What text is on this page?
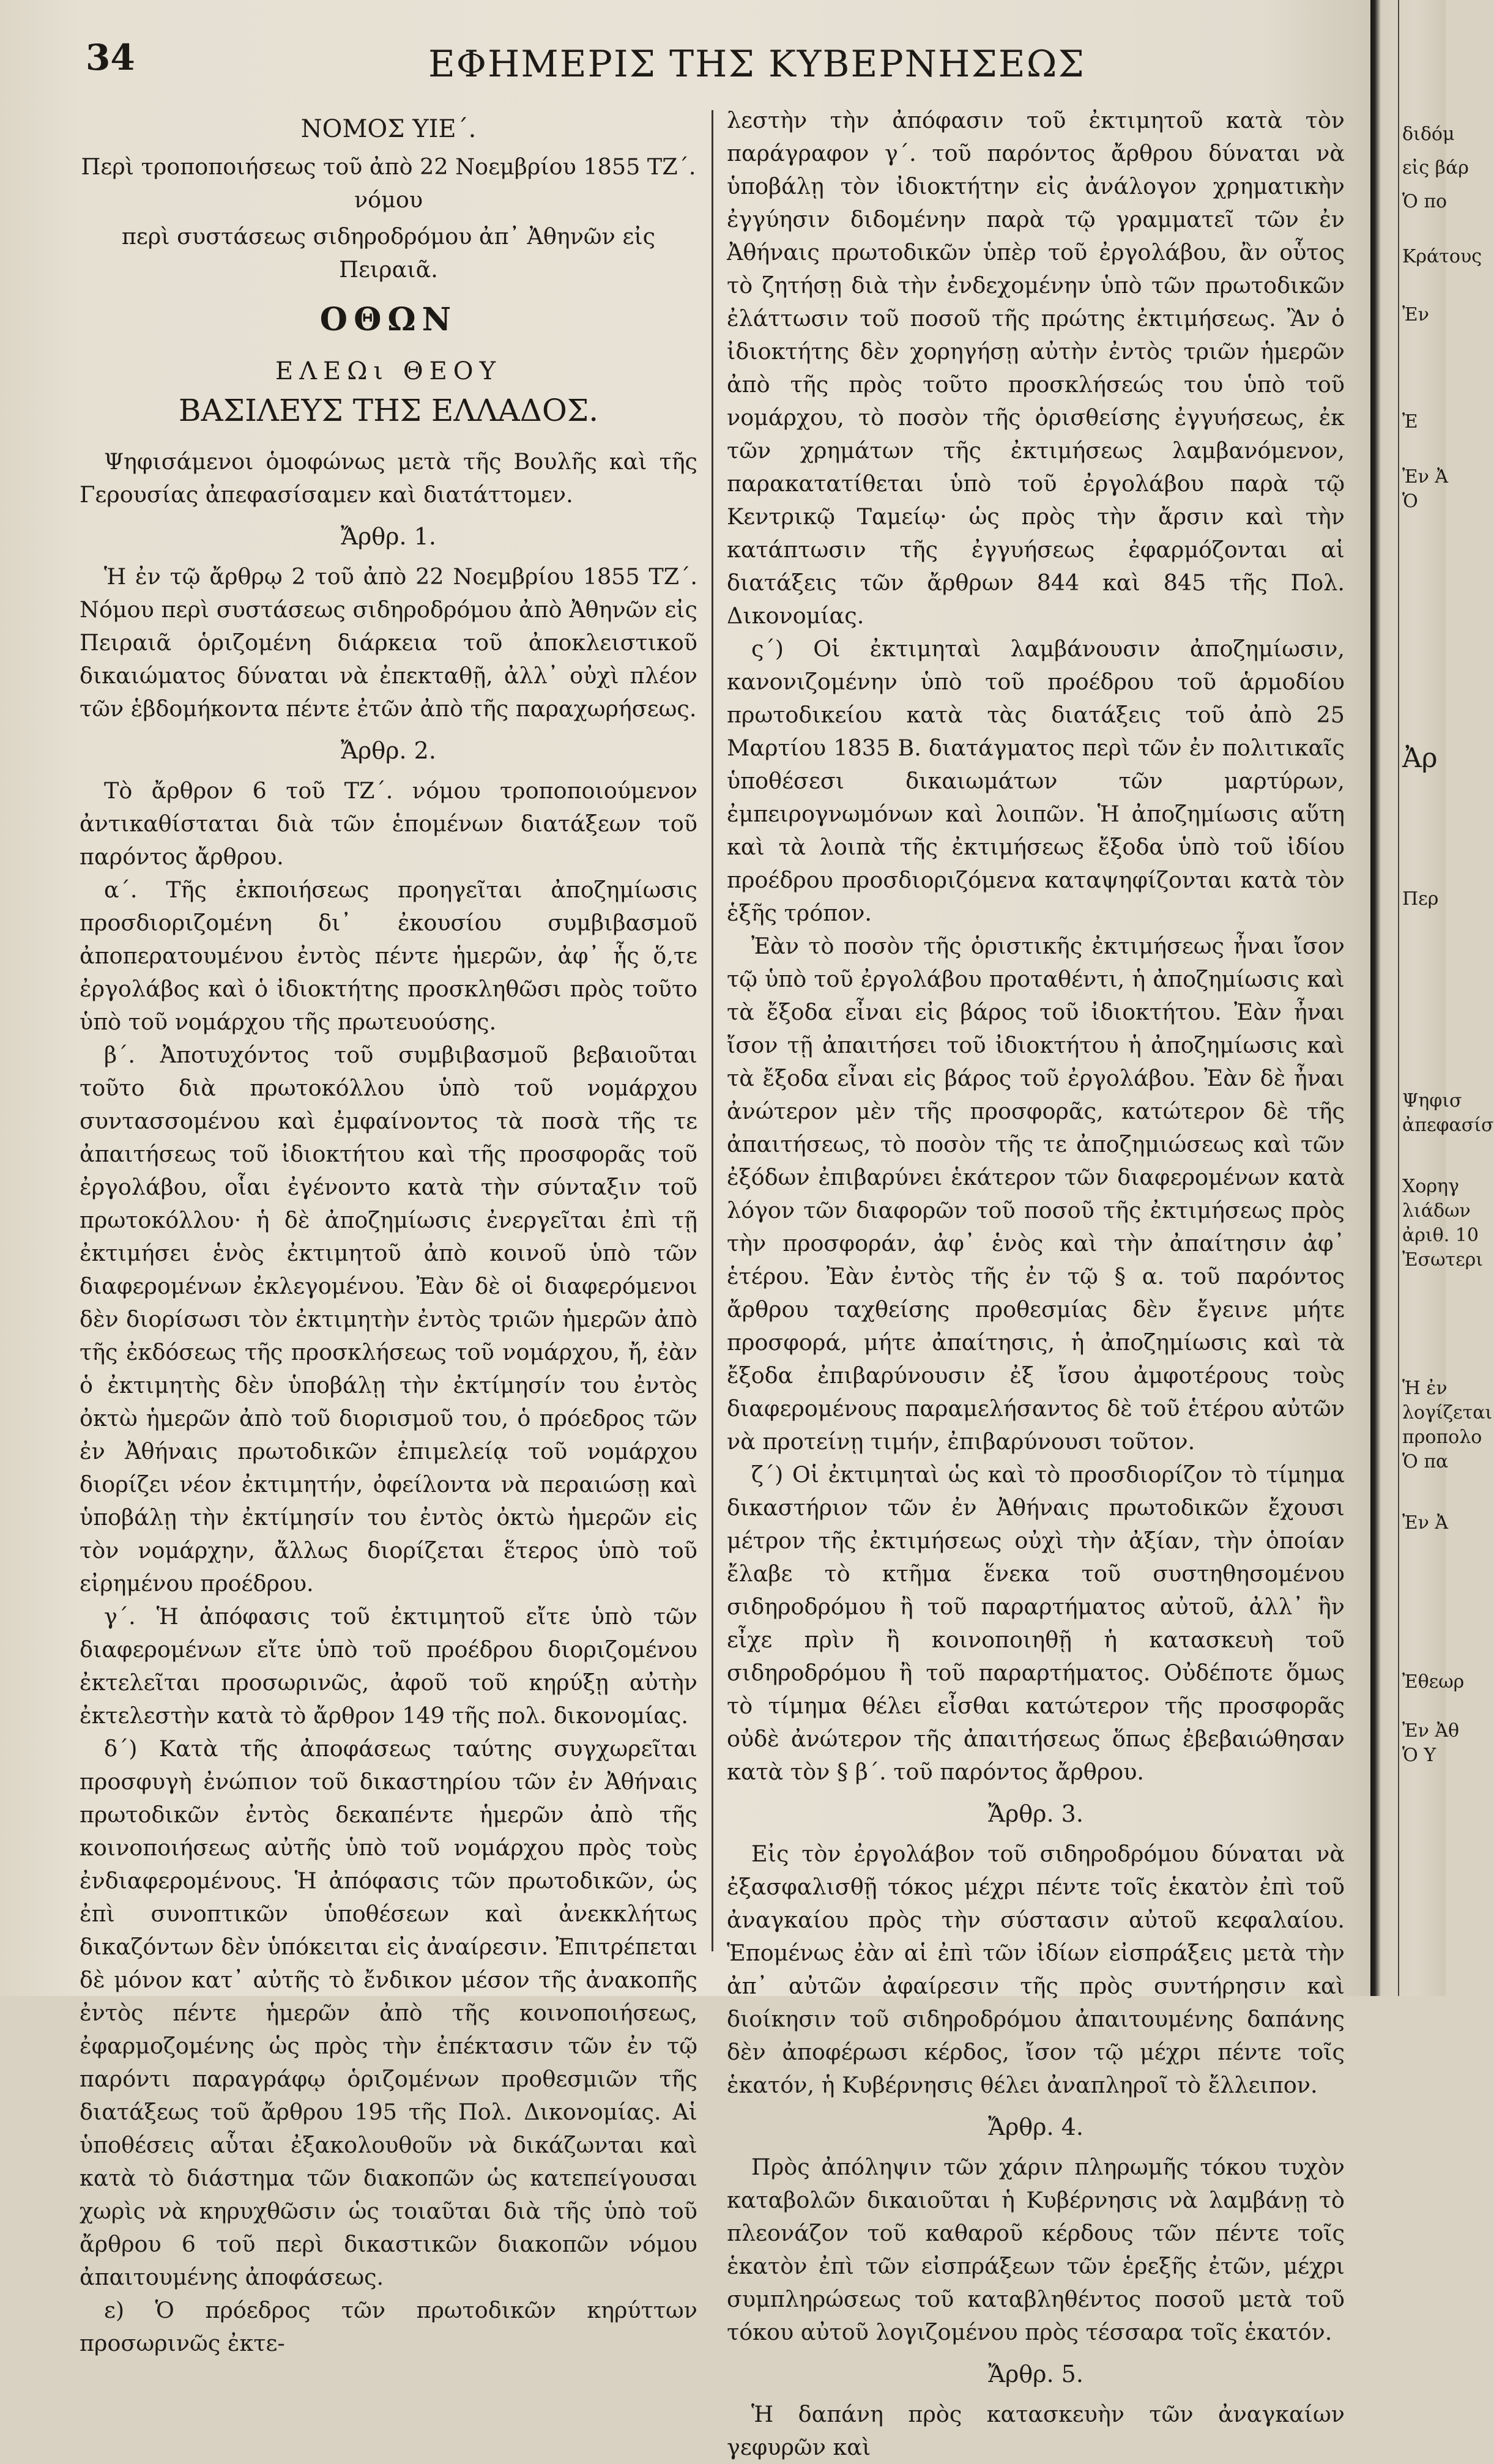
34	ΕΦΗΜΕΡΙΣ ΤΗΣ ΚΥΒΕΡΝΗΣΕΩΣ
ΝΟΜΟΣ ΥΙΕ΄.
Περὶ τροποποιήσεως τοῦ ἀπὸ 22 Νοεμβρίου 1855 ΤΖ΄. νόμου
περὶ συστάσεως σιδηροδρόμου ἀπ᾽ Ἀθηνῶν εἰς Πειραιᾶ.
ΟΘΩΝ
ΕΛΕΩι ΘΕΟΥ
ΒΑΣΙΛΕΥΣ ΤΗΣ ΕΛΛΑΔΟΣ.

Ψηφισάμενοι ὁμοφώνως μετὰ τῆς Βουλῆς καὶ τῆς Γερουσίας ἀπεφασίσαμεν καὶ διατάττομεν.

Ἄρθρ. 1.

Ἡ ἐν τῷ ἄρθρῳ 2 τοῦ ἀπὸ 22 Νοεμβρίου 1855 ΤΖ΄. Νόμου περὶ συστάσεως σιδηροδρόμου ἀπὸ Ἀθηνῶν εἰς Πειραιᾶ ὁριζομένη διάρκεια τοῦ ἀποκλειστικοῦ δικαιώματος δύναται νὰ ἐπεκταθῇ, ἀλλ᾽ οὐχὶ πλέον τῶν ἑβδομήκοντα πέντε ἐτῶν ἀπὸ τῆς παραχωρήσεως.

Ἄρθρ. 2.

Τὸ ἄρθρον 6 τοῦ ΤΖ΄. νόμου τροποποιούμενον ἀντικαθίσταται διὰ τῶν ἑπομένων διατάξεων τοῦ παρόντος ἄρθρου.

α΄. Τῆς ἐκποιήσεως προηγεῖται ἀποζημίωσις προσδιοριζομένη δι᾽ ἐκουσίου συμβιβασμοῦ ἀποπερατουμένου ἐντὸς πέντε ἡμερῶν, ἀφ᾽ ἧς ὅ,τε ἐργολάβος καὶ ὁ ἰδιοκτήτης προσκληθῶσι πρὸς τοῦτο ὑπὸ τοῦ νομάρχου τῆς πρωτευούσης.

β΄. Ἀποτυχόντος τοῦ συμβιβασμοῦ βεβαιοῦται τοῦτο διὰ πρωτοκόλλου ὑπὸ τοῦ νομάρχου συντασσομένου καὶ ἐμφαίνοντος τὰ ποσὰ τῆς τε ἀπαιτήσεως τοῦ ἰδιοκτήτου καὶ τῆς προσφορᾶς τοῦ ἐργολάβου, οἷαι ἐγένοντο κατὰ τὴν σύνταξιν τοῦ πρωτοκόλλου· ἡ δὲ ἀποζημίωσις ἐνεργεῖται ἐπὶ τῇ ἐκτιμήσει ἑνὸς ἐκτιμητοῦ ἀπὸ κοινοῦ ὑπὸ τῶν διαφερομένων ἐκλεγομένου. Ἐὰν δὲ οἱ διαφερόμενοι δὲν διορίσωσι τὸν ἐκτιμητὴν ἐντὸς τριῶν ἡμερῶν ἀπὸ τῆς ἐκδόσεως τῆς προσκλήσεως τοῦ νομάρχου, ἤ, ἐὰν ὁ ἐκτιμητὴς δὲν ὑποβάλῃ τὴν ἐκτίμησίν του ἐντὸς ὀκτὼ ἡμερῶν ἀπὸ τοῦ διορισμοῦ του, ὁ πρόεδρος τῶν ἐν Ἀθήναις πρωτοδικῶν ἐπιμελείᾳ τοῦ νομάρχου διορίζει νέον ἐκτιμητήν, ὀφείλοντα νὰ περαιώσῃ καὶ ὑποβάλῃ τὴν ἐκτίμησίν του ἐντὸς ὀκτὼ ἡμερῶν εἰς τὸν νομάρχην, ἄλλως διορίζεται ἕτερος ὑπὸ τοῦ εἰρημένου προέδρου.

γ΄. Ἡ ἀπόφασις τοῦ ἐκτιμητοῦ εἴτε ὑπὸ τῶν διαφερομένων εἴτε ὑπὸ τοῦ προέδρου διοριζομένου ἐκτελεῖται προσωρινῶς, ἀφοῦ τοῦ κηρύξῃ αὐτὴν ἐκτελεστὴν κατὰ τὸ ἄρθρον 149 τῆς πολ. δικονομίας.

δ΄) Κατὰ τῆς ἀποφάσεως ταύτης συγχωρεῖται προσφυγὴ ἐνώπιον τοῦ δικαστηρίου τῶν ἐν Ἀθήναις πρωτοδικῶν ἐντὸς δεκαπέντε ἡμερῶν ἀπὸ τῆς κοινοποιήσεως αὐτῆς ὑπὸ τοῦ νομάρχου πρὸς τοὺς ἐνδιαφερομένους. Ἡ ἀπόφασις τῶν πρωτοδικῶν, ὡς ἐπὶ συνοπτικῶν ὑποθέσεων καὶ ἀνεκκλήτως δικαζόντων δὲν ὑπόκειται εἰς ἀναίρεσιν. Ἐπιτρέπεται δὲ μόνον κατ᾽ αὐτῆς τὸ ἔνδικον μέσον τῆς ἀνακοπῆς ἐντὸς πέντε ἡμερῶν ἀπὸ τῆς κοινοποιήσεως, ἐφαρμοζομένης ὡς πρὸς τὴν ἐπέκτασιν τῶν ἐν τῷ παρόντι παραγράφῳ ὁριζομένων προθεσμιῶν τῆς διατάξεως τοῦ ἄρθρου 195 τῆς Πολ. Δικονομίας. Αἱ ὑποθέσεις αὗται ἐξακολουθοῦν νὰ δικάζωνται καὶ κατὰ τὸ διάστημα τῶν διακοπῶν ὡς κατεπείγουσαι χωρὶς νὰ κηρυχθῶσιν ὡς τοιαῦται διὰ τῆς ὑπὸ τοῦ ἄρθρου 6 τοῦ περὶ δικαστικῶν διακοπῶν νόμου ἀπαιτουμένης ἀποφάσεως.

ε) Ὁ πρόεδρος τῶν πρωτοδικῶν κηρύττων προσωρινῶς ἐκτε-

λεστὴν τὴν ἀπόφασιν τοῦ ἐκτιμητοῦ κατὰ τὸν παράγραφον γ΄. τοῦ παρόντος ἄρθρου δύναται νὰ ὑποβάλῃ τὸν ἰδιοκτήτην εἰς ἀνάλογον χρηματικὴν ἐγγύησιν διδομένην παρὰ τῷ γραμματεῖ τῶν ἐν Ἀθήναις πρωτοδικῶν ὑπὲρ τοῦ ἐργολάβου, ἂν οὗτος τὸ ζητήσῃ διὰ τὴν ἐνδεχομένην ὑπὸ τῶν πρωτοδικῶν ἐλάττωσιν τοῦ ποσοῦ τῆς πρώτης ἐκτιμήσεως. Ἂν ὁ ἰδιοκτήτης δὲν χορηγήσῃ αὐτὴν ἐντὸς τριῶν ἡμερῶν ἀπὸ τῆς πρὸς τοῦτο προσκλήσεώς του ὑπὸ τοῦ νομάρχου, τὸ ποσὸν τῆς ὁρισθείσης ἐγγυήσεως, ἐκ τῶν χρημάτων τῆς ἐκτιμήσεως λαμβανόμενον, παρακατατίθεται ὑπὸ τοῦ ἐργολάβου παρὰ τῷ Κεντρικῷ Ταμείῳ· ὡς πρὸς τὴν ἄρσιν καὶ τὴν κατάπτωσιν τῆς ἐγγυήσεως ἐφαρμόζονται αἱ διατάξεις τῶν ἄρθρων 844 καὶ 845 τῆς Πολ. Δικονομίας.

ς΄) Οἱ ἐκτιμηταὶ λαμβάνουσιν ἀποζημίωσιν, κανονιζομένην ὑπὸ τοῦ προέδρου τοῦ ἁρμοδίου πρωτοδικείου κατὰ τὰς διατάξεις τοῦ ἀπὸ 25 Μαρτίου 1835 Β. διατάγματος περὶ τῶν ἐν πολιτικαῖς ὑποθέσεσι δικαιωμάτων τῶν μαρτύρων, ἐμπειρογνωμόνων καὶ λοιπῶν. Ἡ ἀποζημίωσις αὕτη καὶ τὰ λοιπὰ τῆς ἐκτιμήσεως ἔξοδα ὑπὸ τοῦ ἰδίου προέδρου προσδιοριζόμενα καταψηφίζονται κατὰ τὸν ἑξῆς τρόπον.

Ἐὰν τὸ ποσὸν τῆς ὁριστικῆς ἐκτιμήσεως ἦναι ἴσον τῷ ὑπὸ τοῦ ἐργολάβου προταθέντι, ἡ ἀποζημίωσις καὶ τὰ ἔξοδα εἶναι εἰς βάρος τοῦ ἰδιοκτήτου. Ἐὰν ἦναι ἴσον τῇ ἀπαιτήσει τοῦ ἰδιοκτήτου ἡ ἀποζημίωσις καὶ τὰ ἔξοδα εἶναι εἰς βάρος τοῦ ἐργολάβου. Ἐὰν δὲ ἦναι ἀνώτερον μὲν τῆς προσφορᾶς, κατώτερον δὲ τῆς ἀπαιτήσεως, τὸ ποσὸν τῆς τε ἀποζημιώσεως καὶ τῶν ἐξόδων ἐπιβαρύνει ἑκάτερον τῶν διαφερομένων κατὰ λόγον τῶν διαφορῶν τοῦ ποσοῦ τῆς ἐκτιμήσεως πρὸς τὴν προσφοράν, ἀφ᾽ ἑνὸς καὶ τὴν ἀπαίτησιν ἀφ᾽ ἑτέρου. Ἐὰν ἐντὸς τῆς ἐν τῷ § α. τοῦ παρόντος ἄρθρου ταχθείσης προθεσμίας δὲν ἔγεινε μήτε προσφορά, μήτε ἀπαίτησις, ἡ ἀποζημίωσις καὶ τὰ ἔξοδα ἐπιβαρύνουσιν ἐξ ἴσου ἀμφοτέρους τοὺς διαφερομένους παραμελήσαντος δὲ τοῦ ἑτέρου αὐτῶν νὰ προτείνῃ τιμήν, ἐπιβαρύνουσι τοῦτον.

ζ΄) Οἱ ἐκτιμηταὶ ὡς καὶ τὸ προσδιορίζον τὸ τίμημα δικαστήριον τῶν ἐν Ἀθήναις πρωτοδικῶν ἔχουσι μέτρον τῆς ἐκτιμήσεως οὐχὶ τὴν ἀξίαν, τὴν ὁποίαν ἔλαβε τὸ κτῆμα ἕνεκα τοῦ συστηθησομένου σιδηροδρόμου ἢ τοῦ παραρτήματος αὐτοῦ, ἀλλ᾽ ἣν εἶχε πρὶν ἢ κοινοποιηθῇ ἡ κατασκευὴ τοῦ σιδηροδρόμου ἢ τοῦ παραρτήματος. Οὐδέποτε ὅμως τὸ τίμημα θέλει εἶσθαι κατώτερον τῆς προσφορᾶς οὐδὲ ἀνώτερον τῆς ἀπαιτήσεως ὅπως ἐβεβαιώθησαν κατὰ τὸν § β΄. τοῦ παρόντος ἄρθρου.

Ἄρθρ. 3.

Εἰς τὸν ἐργολάβον τοῦ σιδηροδρόμου δύναται νὰ ἐξασφαλισθῇ τόκος μέχρι πέντε τοῖς ἑκατὸν ἐπὶ τοῦ ἀναγκαίου πρὸς τὴν σύστασιν αὐτοῦ κεφαλαίου. Ἑπομένως ἐὰν αἱ ἐπὶ τῶν ἰδίων εἰσπράξεις μετὰ τὴν ἀπ᾽ αὐτῶν ἀφαίρεσιν τῆς πρὸς συντήρησιν καὶ διοίκησιν τοῦ σιδηροδρόμου ἀπαιτουμένης δαπάνης δὲν ἀποφέρωσι κέρδος, ἴσον τῷ μέχρι πέντε τοῖς ἑκατόν, ἡ Κυβέρνησις θέλει ἀναπληροῖ τὸ ἔλλειπον.

Ἄρθρ. 4.

Πρὸς ἀπόληψιν τῶν χάριν πληρωμῆς τόκου τυχὸν καταβολῶν δικαιοῦται ἡ Κυβέρνησις νὰ λαμβάνῃ τὸ πλεονάζον τοῦ καθαροῦ κέρδους τῶν πέντε τοῖς ἑκατὸν ἐπὶ τῶν εἰσπράξεων τῶν ἑρεξῆς ἐτῶν, μέχρι συμπληρώσεως τοῦ καταβληθέντος ποσοῦ μετὰ τοῦ τόκου αὐτοῦ λογιζομένου πρὸς τέσσαρα τοῖς ἑκατόν.

Ἄρθρ. 5.

Ἡ δαπάνη πρὸς κατασκευὴν τῶν ἀναγκαίων γεφυρῶν καὶ

διδόμ
εἰς βάρ
Ὁ πο
Κράτους
Ἐν
Ἐ
Ἐν Ἀ
Ὁ
Ἀρ
Περ
Ψηφισ
ἀπεφασίσ
Χορηγ
λιάδων
ἀριθ. 10
Ἐσωτερι
Ἡ ἐν
λογίζεται
προπολο
Ὁ πα
Ἐν Ἀ
Ἐθεωρ
Ἐν Ἀθ
Ὁ Υ
